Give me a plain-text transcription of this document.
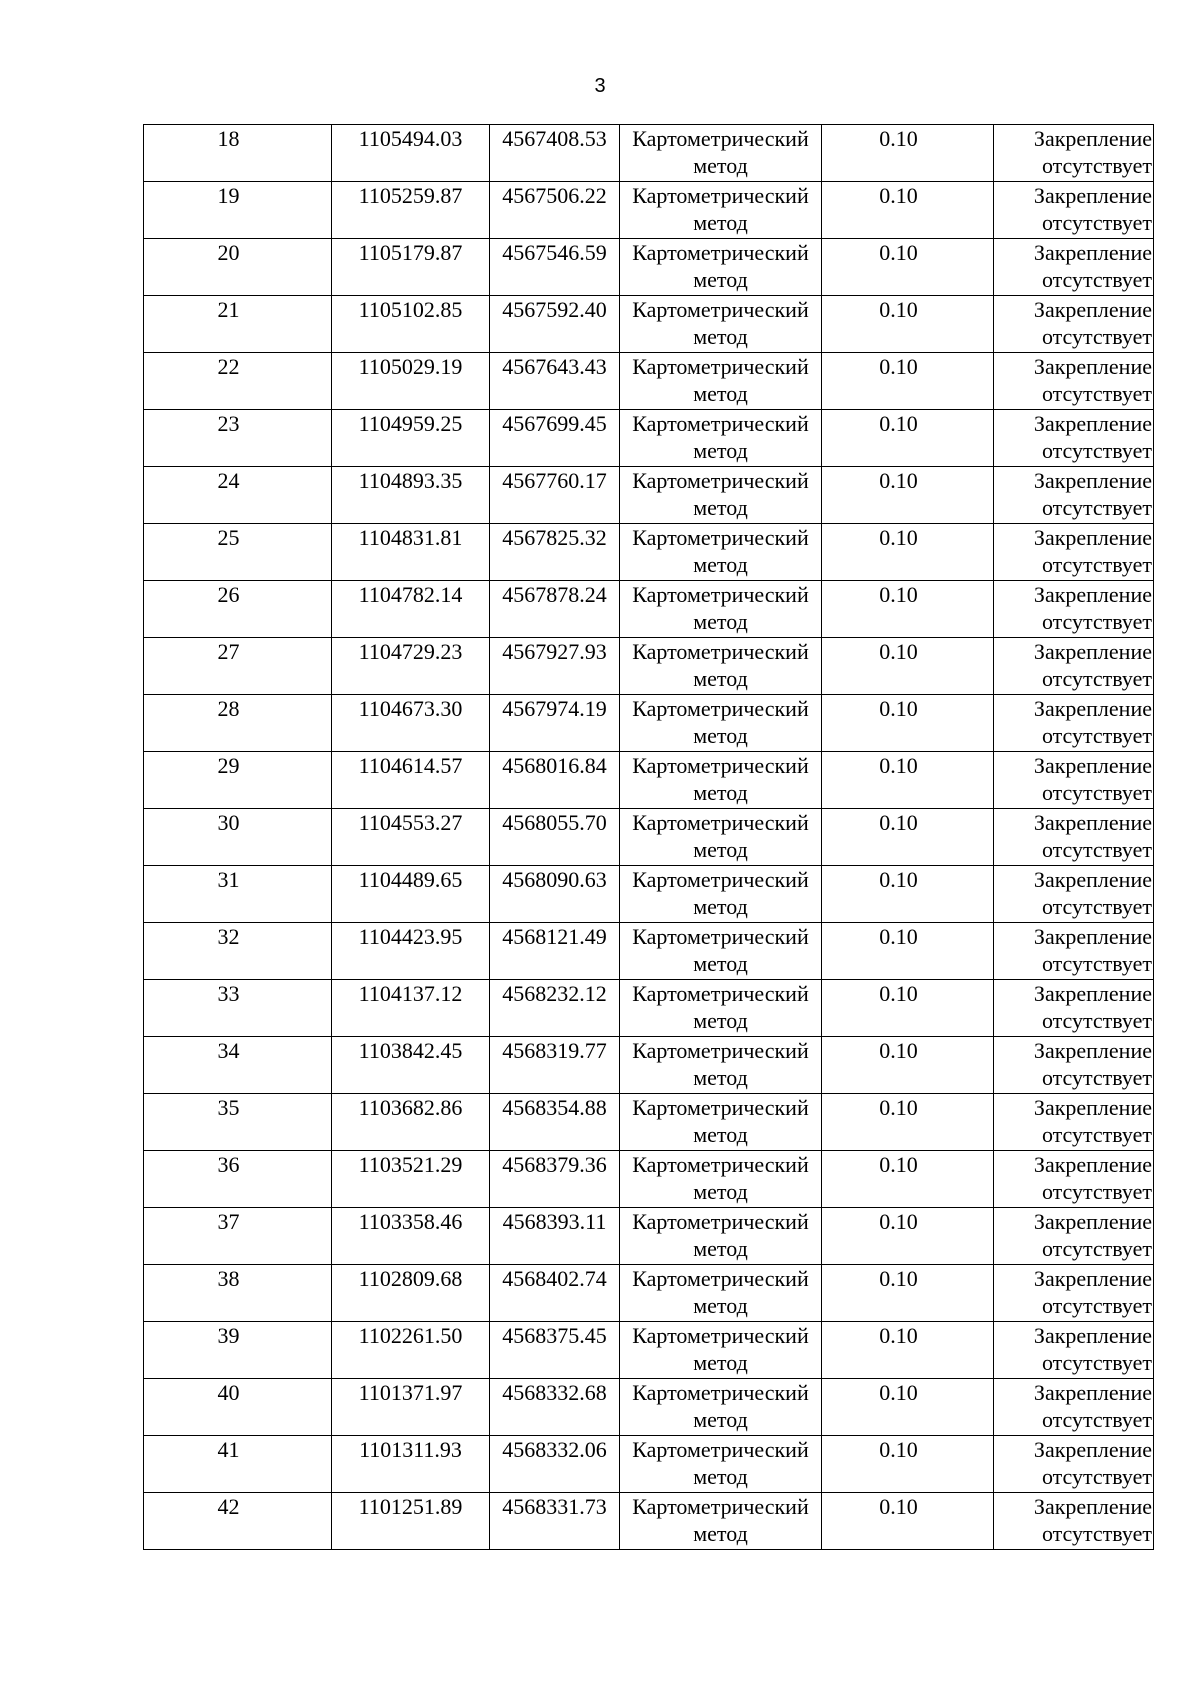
3
18	1105494.03	4567408.53	Картометрический
метод	0.10	Закрепление
отсутствует

19	1105259.87	4567506.22	Картометрический
метод	0.10	Закрепление
отсутствует

20	1105179.87	4567546.59	Картометрический
метод	0.10	Закрепление
отсутствует

21	1105102.85	4567592.40	Картометрический
метод	0.10	Закрепление
отсутствует

22	1105029.19	4567643.43	Картометрический
метод	0.10	Закрепление
отсутствует

23	1104959.25	4567699.45	Картометрический
метод	0.10	Закрепление
отсутствует

24	1104893.35	4567760.17	Картометрический
метод	0.10	Закрепление
отсутствует

25	1104831.81	4567825.32	Картометрический
метод	0.10	Закрепление
отсутствует

26	1104782.14	4567878.24	Картометрический
метод	0.10	Закрепление
отсутствует

27	1104729.23	4567927.93	Картометрический
метод	0.10	Закрепление
отсутствует

28	1104673.30	4567974.19	Картометрический
метод	0.10	Закрепление
отсутствует

29	1104614.57	4568016.84	Картометрический
метод	0.10	Закрепление
отсутствует

30	1104553.27	4568055.70	Картометрический
метод	0.10	Закрепление
отсутствует

31	1104489.65	4568090.63	Картометрический
метод	0.10	Закрепление
отсутствует

32	1104423.95	4568121.49	Картометрический
метод	0.10	Закрепление
отсутствует

33	1104137.12	4568232.12	Картометрический
метод	0.10	Закрепление
отсутствует

34	1103842.45	4568319.77	Картометрический
метод	0.10	Закрепление
отсутствует

35	1103682.86	4568354.88	Картометрический
метод	0.10	Закрепление
отсутствует

36	1103521.29	4568379.36	Картометрический
метод	0.10	Закрепление
отсутствует

37	1103358.46	4568393.11	Картометрический
метод	0.10	Закрепление
отсутствует

38	1102809.68	4568402.74	Картометрический
метод	0.10	Закрепление
отсутствует

39	1102261.50	4568375.45	Картометрический
метод	0.10	Закрепление
отсутствует

40	1101371.97	4568332.68	Картометрический
метод	0.10	Закрепление
отсутствует

41	1101311.93	4568332.06	Картометрический
метод	0.10	Закрепление
отсутствует

42	1101251.89	4568331.73	Картометрический
метод	0.10	Закрепление
отсутствует
